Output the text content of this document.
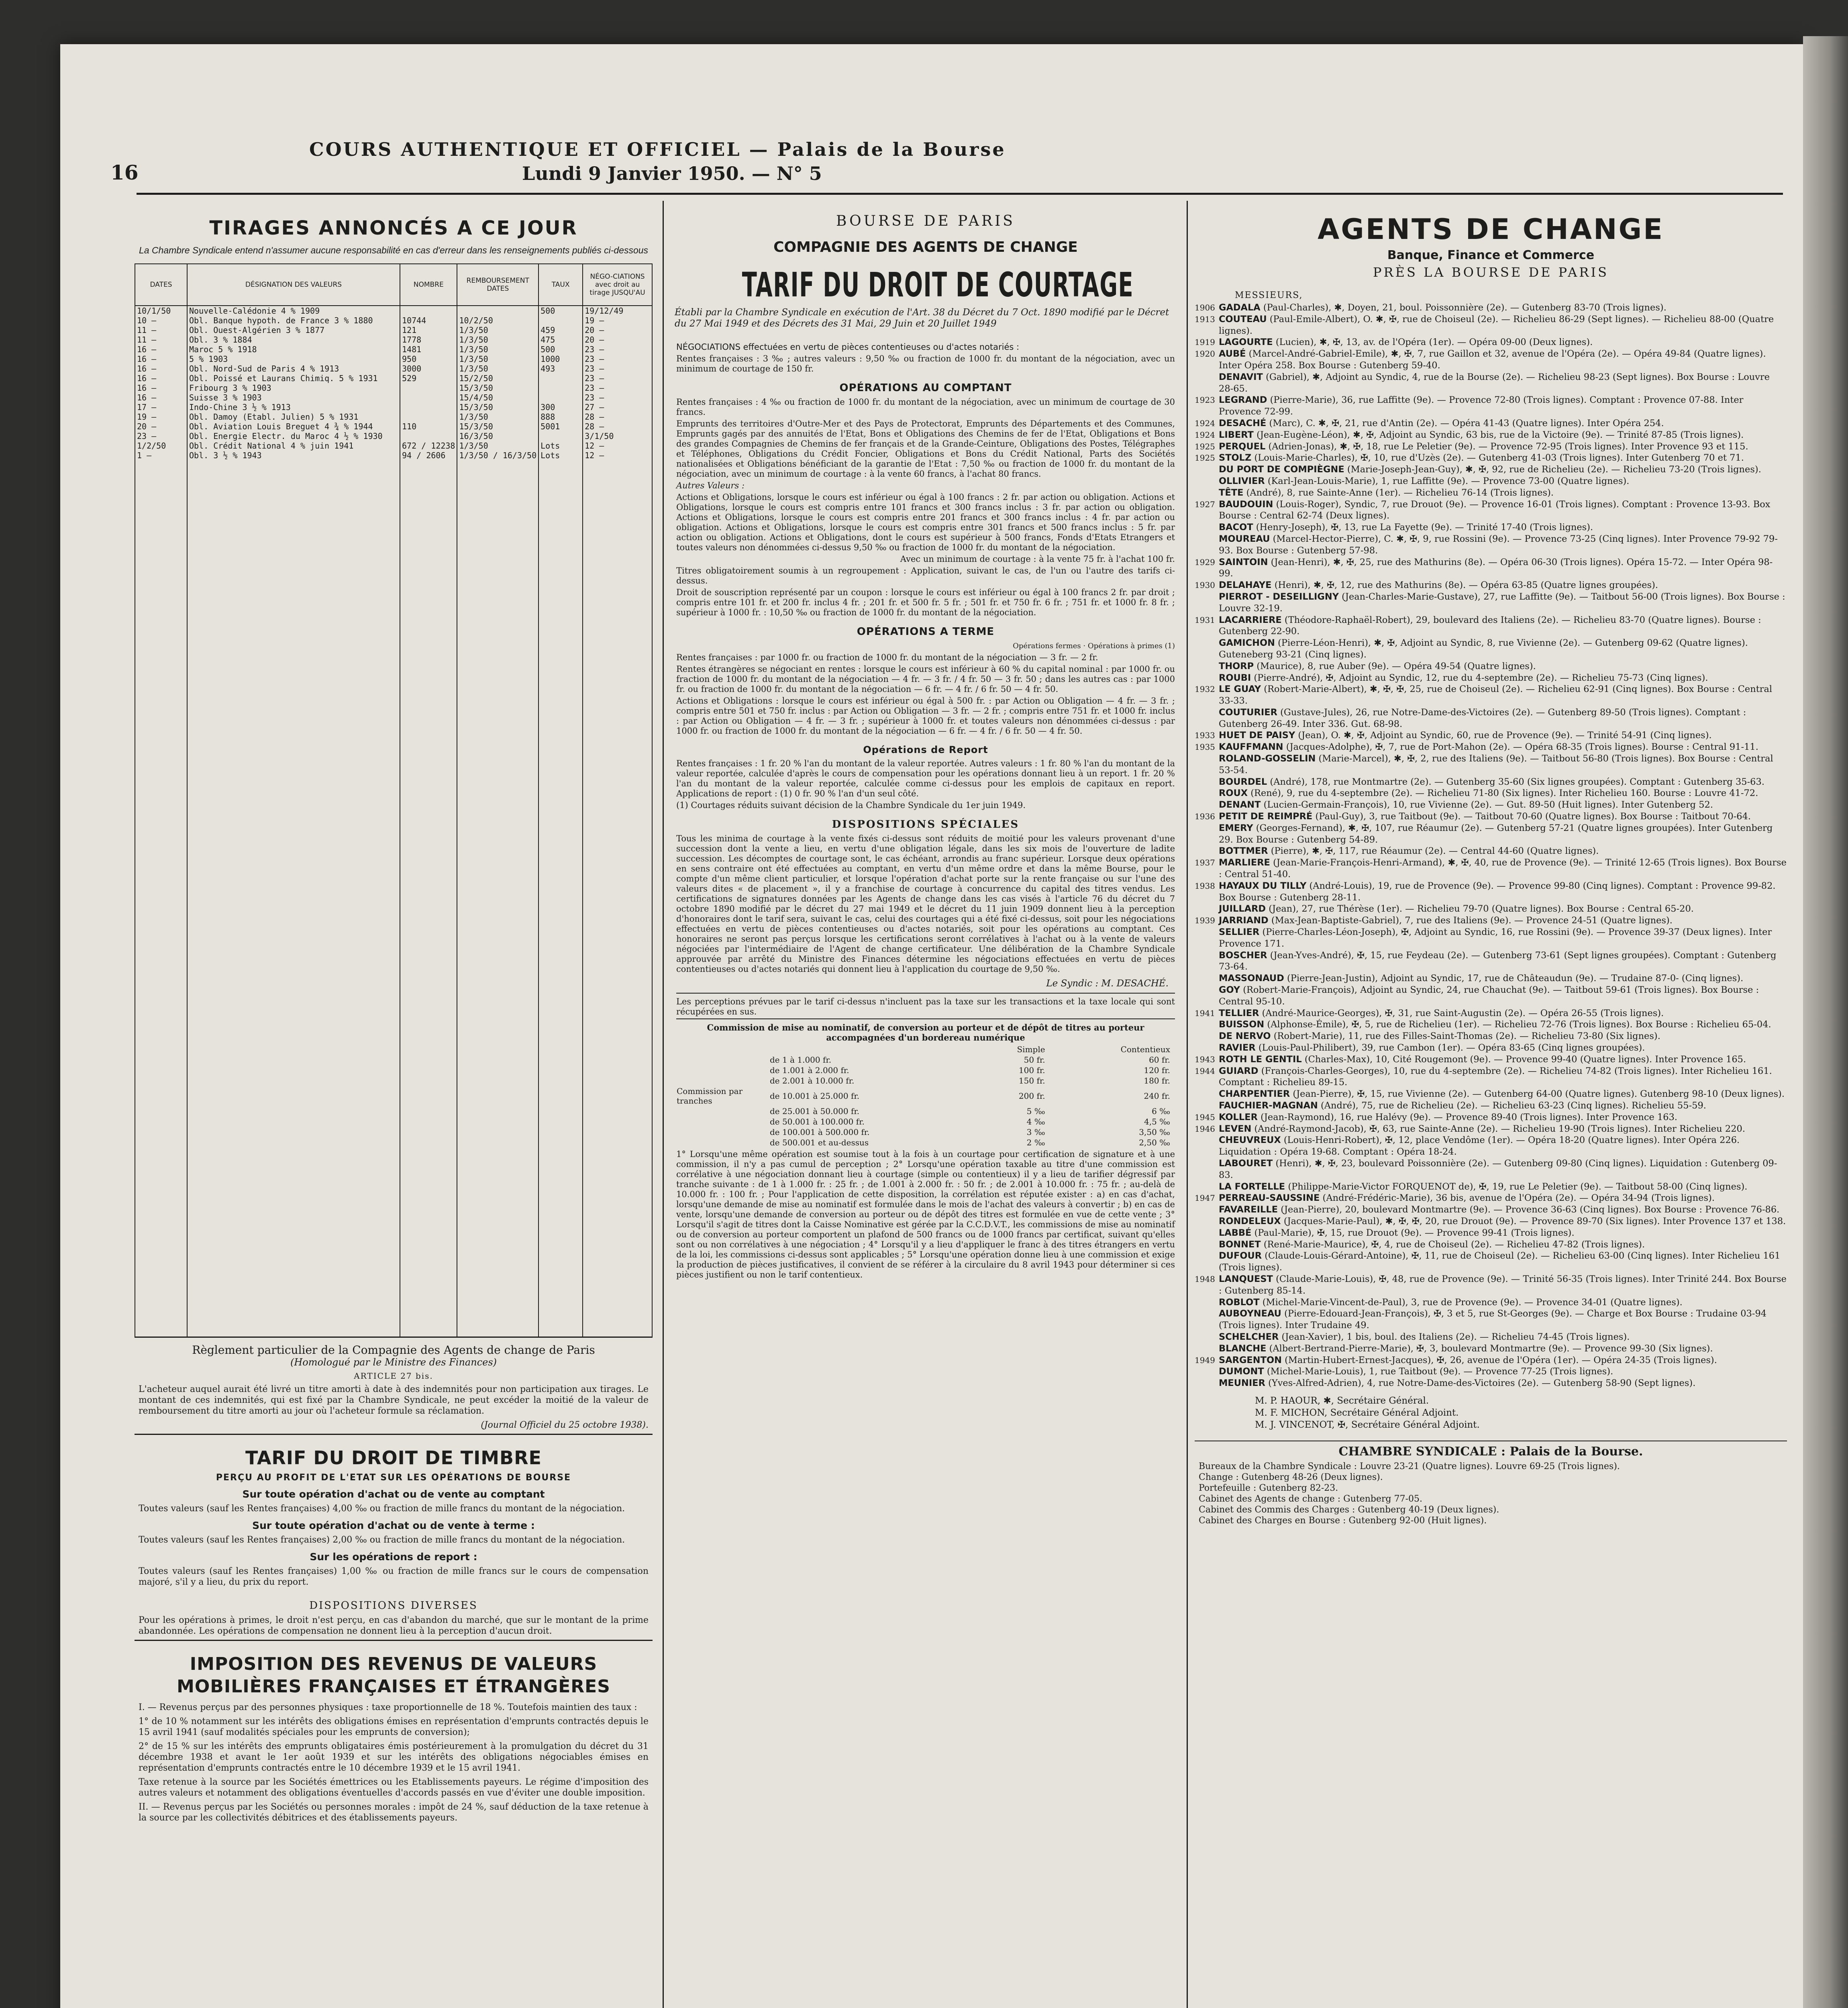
16
COURS AUTHENTIQUE ET OFFICIEL — Palais de la Bourse
Lundi 9 Janvier 1950. — N° 5
TIRAGES ANNONCÉS A CE JOUR
La Chambre Syndicale entend n'assumer aucune responsabilité en cas d'erreur dans les renseignements publiés ci-dessous
DATES	DÉSIGNATION DES VALEURS	NOMBRE	REMBOURSEMENT DATES	TAUX	NÉGO-CIATIONS avec droit au tirage JUSQU'AU
10/1/50	Nouvelle-Calédonie 4 % 1909			500	19/12/49
10 —	Obl. Banque hypoth. de France 3 % 1880	10744	10/2/50		19 —
11 —	Obl. Ouest-Algérien 3 % 1877	121	1/3/50	459	20 —
11 —	Obl. 3 % 1884	1778	1/3/50	475	20 —
16 —	Maroc 5 % 1918	1481	1/3/50	500	23 —
16 —	5 % 1903	950	1/3/50	1000	23 —
16 —	Obl. Nord-Sud de Paris 4 % 1913	3000	1/3/50	493	23 —
16 —	Obl. Poissé et Laurans Chimiq. 5 % 1931	529	15/2/50		23 —
16 —	Fribourg 3 % 1903		15/3/50		23 —
16 —	Suisse 3 % 1903		15/4/50		23 —
17 —	Indo-Chine 3 ½ % 1913		15/3/50	300	27 —
19 —	Obl. Damoy (Etabl. Julien) 5 % 1931		1/3/50	888	28 —
20 —	Obl. Aviation Louis Breguet 4 ¾ % 1944	110	15/3/50	5001	28 —
23 —	Obl. Energie Electr. du Maroc 4 ½ % 1930		16/3/50		3/1/50
1/2/50	Obl. Crédit National 4 % juin 1941	672 / 12238	1/3/50	Lots	12 —
1 —	Obl. 3 ½ % 1943	94 / 2606	1/3/50 / 16/3/50	Lots	12 —

Règlement particulier de la Compagnie des Agents de change de Paris
(Homologué par le Ministre des Finances)
ARTICLE 27 bis.
L'acheteur auquel aurait été livré un titre amorti à date à des indemnités pour non participation aux tirages. Le montant de ces indemnités, qui est fixé par la Chambre Syndicale, ne peut excéder la moitié de la valeur de remboursement du titre amorti au jour où l'acheteur formule sa réclamation.
(Journal Officiel du 25 octobre 1938).
TARIF DU DROIT DE TIMBRE
PERÇU AU PROFIT DE L'ETAT SUR LES OPÉRATIONS DE BOURSE
Sur toute opération d'achat ou de vente au comptant
Toutes valeurs (sauf les Rentes françaises) 4,00 ‰ ou fraction de mille francs du montant de la négociation.
Sur toute opération d'achat ou de vente à terme :
Toutes valeurs (sauf les Rentes françaises) 2,00 ‰ ou fraction de mille francs du montant de la négociation.
Sur les opérations de report :
Toutes valeurs (sauf les Rentes françaises) 1,00 ‰ ou fraction de mille francs sur le cours de compensation majoré, s'il y a lieu, du prix du report.
DISPOSITIONS DIVERSES
Pour les opérations à primes, le droit n'est perçu, en cas d'abandon du marché, que sur le montant de la prime abandonnée. Les opérations de compensation ne donnent lieu à la perception d'aucun droit.
IMPOSITION DES REVENUS DE VALEURS MOBILIÈRES FRANÇAISES ET ÉTRANGÈRES
I. — Revenus perçus par des personnes physiques : taxe proportionnelle de 18 %. Toutefois maintien des taux :
1° de 10 % notamment sur les intérêts des obligations émises en représentation d'emprunts contractés depuis le 15 avril 1941 (sauf modalités spéciales pour les emprunts de conversion);
2° de 15 % sur les intérêts des emprunts obligataires émis postérieurement à la promulgation du décret du 31 décembre 1938 et avant le 1er août 1939 et sur les intérêts des obligations négociables émises en représentation d'emprunts contractés entre le 10 décembre 1939 et le 15 avril 1941.
Taxe retenue à la source par les Sociétés émettrices ou les Etablissements payeurs. Le régime d'imposition des autres valeurs et notamment des obligations éventuelles d'accords passés en vue d'éviter une double imposition.
II. — Revenus perçus par les Sociétés ou personnes morales : impôt de 24 %, sauf déduction de la taxe retenue à la source par les collectivités débitrices et des établissements payeurs.
BOURSE DE PARIS
COMPAGNIE DES AGENTS DE CHANGE
TARIF DU DROIT DE COURTAGE
Établi par la Chambre Syndicale en exécution de l'Art. 38 du Décret du 7 Oct. 1890 modifié par le Décret du 27 Mai 1949 et des Décrets des 31 Mai, 29 Juin et 20 Juillet 1949
NÉGOCIATIONS effectuées en vertu de pièces contentieuses ou d'actes notariés :
Rentes françaises : 3 ‰ ; autres valeurs : 9,50 ‰ ou fraction de 1000 fr. du montant de la négociation, avec un minimum de courtage de 150 fr.
OPÉRATIONS AU COMPTANT
Rentes françaises : 4 ‰ ou fraction de 1000 fr. du montant de la négociation, avec un minimum de courtage de 30 francs.
Emprunts des territoires d'Outre-Mer et des Pays de Protectorat, Emprunts des Départements et des Communes, Emprunts gagés par des annuités de l'Etat, Bons et Obligations des Chemins de fer de l'Etat, Obligations et Bons des grandes Compagnies de Chemins de fer français et de la Grande-Ceinture, Obligations des Postes, Télégraphes et Téléphones, Obligations du Crédit Foncier, Obligations et Bons du Crédit National, Parts des Sociétés nationalisées et Obligations bénéficiant de la garantie de l'Etat : 7,50 ‰ ou fraction de 1000 fr. du montant de la négociation, avec un minimum de courtage : à la vente 60 francs, à l'achat 80 francs.
Autres Valeurs :
Actions et Obligations, lorsque le cours est inférieur ou égal à 100 francs : 2 fr. par action ou obligation. Actions et Obligations, lorsque le cours est compris entre 101 francs et 300 francs inclus : 3 fr. par action ou obligation. Actions et Obligations, lorsque le cours est compris entre 201 francs et 300 francs inclus : 4 fr. par action ou obligation. Actions et Obligations, lorsque le cours est compris entre 301 francs et 500 francs inclus : 5 fr. par action ou obligation. Actions et Obligations, dont le cours est supérieur à 500 francs, Fonds d'Etats Etrangers et toutes valeurs non dénommées ci-dessus 9,50 ‰ ou fraction de 1000 fr. du montant de la négociation.
Avec un minimum de courtage : à la vente 75 fr. à l'achat 100 fr.
Titres obligatoirement soumis à un regroupement : Application, suivant le cas, de l'un ou l'autre des tarifs ci-dessus.
Droit de souscription représenté par un coupon : lorsque le cours est inférieur ou égal à 100 francs 2 fr. par droit ; compris entre 101 fr. et 200 fr. inclus 4 fr. ; 201 fr. et 500 fr. 5 fr. ; 501 fr. et 750 fr. 6 fr. ; 751 fr. et 1000 fr. 8 fr. ; supérieur à 1000 fr. : 10,50 ‰ ou fraction de 1000 fr. du montant de la négociation.
OPÉRATIONS A TERME
Opérations fermes · Opérations à primes (1)
Rentes françaises : par 1000 fr. ou fraction de 1000 fr. du montant de la négociation — 3 fr. — 2 fr.
Rentes étrangères se négociant en rentes : lorsque le cours est inférieur à 60 % du capital nominal : par 1000 fr. ou fraction de 1000 fr. du montant de la négociation — 4 fr. — 3 fr. / 4 fr. 50 — 3 fr. 50 ; dans les autres cas : par 1000 fr. ou fraction de 1000 fr. du montant de la négociation — 6 fr. — 4 fr. / 6 fr. 50 — 4 fr. 50.
Actions et Obligations : lorsque le cours est inférieur ou égal à 500 fr. : par Action ou Obligation — 4 fr. — 3 fr. ; compris entre 501 et 750 fr. inclus : par Action ou Obligation — 3 fr. — 2 fr. ; compris entre 751 fr. et 1000 fr. inclus : par Action ou Obligation — 4 fr. — 3 fr. ; supérieur à 1000 fr. et toutes valeurs non dénommées ci-dessus : par 1000 fr. ou fraction de 1000 fr. du montant de la négociation — 6 fr. — 4 fr. / 6 fr. 50 — 4 fr. 50.
Opérations de Report
Rentes françaises : 1 fr. 20 % l'an du montant de la valeur reportée. Autres valeurs : 1 fr. 80 % l'an du montant de la valeur reportée, calculée d'après le cours de compensation pour les opérations donnant lieu à un report. 1 fr. 20 % l'an du montant de la valeur reportée, calculée comme ci-dessus pour les emplois de capitaux en report. Applications de report : (1) 0 fr. 90 % l'an d'un seul côté.
(1) Courtages réduits suivant décision de la Chambre Syndicale du 1er juin 1949.
DISPOSITIONS SPÉCIALES
Tous les minima de courtage à la vente fixés ci-dessus sont réduits de moitié pour les valeurs provenant d'une succession dont la vente a lieu, en vertu d'une obligation légale, dans les six mois de l'ouverture de ladite succession. Les décomptes de courtage sont, le cas échéant, arrondis au franc supérieur. Lorsque deux opérations en sens contraire ont été effectuées au comptant, en vertu d'un même ordre et dans la même Bourse, pour le compte d'un même client particulier, et lorsque l'opération d'achat porte sur la rente française ou sur l'une des valeurs dites « de placement », il y a franchise de courtage à concurrence du capital des titres vendus. Les certifications de signatures données par les Agents de change dans les cas visés à l'article 76 du décret du 7 octobre 1890 modifié par le décret du 27 mai 1949 et le décret du 11 juin 1909 donnent lieu à la perception d'honoraires dont le tarif sera, suivant le cas, celui des courtages qui a été fixé ci-dessus, soit pour les négociations effectuées en vertu de pièces contentieuses ou d'actes notariés, soit pour les opérations au comptant. Ces honoraires ne seront pas perçus lorsque les certifications seront corrélatives à l'achat ou à la vente de valeurs négociées par l'intermédiaire de l'Agent de change certificateur. Une délibération de la Chambre Syndicale approuvée par arrêté du Ministre des Finances détermine les négociations effectuées en vertu de pièces contentieuses ou d'actes notariés qui donnent lieu à l'application du courtage de 9,50 ‰.
Le Syndic : M. DESACHÉ.
Les perceptions prévues par le tarif ci-dessus n'incluent pas la taxe sur les transactions et la taxe locale qui sont récupérées en sus.
Commission de mise au nominatif, de conversion au porteur et de dépôt de titres au porteur accompagnées d'un bordereau numérique
		Simple	Contentieux
	de 1 à 1.000 fr.	50 fr.	60 fr.
	de 1.001 à 2.000 fr.	100 fr.	120 fr.
	de 2.001 à 10.000 fr.	150 fr.	180 fr.
Commission par tranches	de 10.001 à 25.000 fr.	200 fr.	240 fr.
	de 25.001 à 50.000 fr.	5 ‰	6 ‰
	de 50.001 à 100.000 fr.	4 ‰	4,5 ‰
	de 100.001 à 500.000 fr.	3 ‰	3,50 ‰
	de 500.001 et au-dessus	2 ‰	2,50 ‰
1° Lorsqu'une même opération est soumise tout à la fois à un courtage pour certification de signature et à une commission, il n'y a pas cumul de perception ; 2° Lorsqu'une opération taxable au titre d'une commission est corrélative à une négociation donnant lieu à courtage (simple ou contentieux) il y a lieu de tarifier dégressif par tranche suivante : de 1 à 1.000 fr. : 25 fr. ; de 1.001 à 2.000 fr. : 50 fr. ; de 2.001 à 10.000 fr. : 75 fr. ; au-delà de 10.000 fr. : 100 fr. ; Pour l'application de cette disposition, la corrélation est réputée exister : a) en cas d'achat, lorsqu'une demande de mise au nominatif est formulée dans le mois de l'achat des valeurs à convertir ; b) en cas de vente, lorsqu'une demande de conversion au porteur ou de dépôt des titres est formulée en vue de cette vente ; 3° Lorsqu'il s'agit de titres dont la Caisse Nominative est gérée par la C.C.D.V.T., les commissions de mise au nominatif ou de conversion au porteur comportent un plafond de 500 francs ou de 1000 francs par certificat, suivant qu'elles sont ou non corrélatives à une négociation ; 4° Lorsqu'il y a lieu d'appliquer le franc à des titres étrangers en vertu de la loi, les commissions ci-dessus sont applicables ; 5° Lorsqu'une opération donne lieu à une commission et exige la production de pièces justificatives, il convient de se référer à la circulaire du 8 avril 1943 pour déterminer si ces pièces justifient ou non le tarif contentieux.
AGENTS DE CHANGE
Banque, Finance et Commerce
PRÈS LA BOURSE DE PARIS
MESSIEURS,
1906 GADALA (Paul-Charles), ✱, Doyen, 21, boul. Poissonnière (2e). — Gutenberg 83-70 (Trois lignes).
1913 COUTEAU (Paul-Emile-Albert), O. ✱, ✠, rue de Choiseul (2e). — Richelieu 86-29 (Sept lignes). — Richelieu 88-00 (Quatre lignes).
1919 LAGOURTE (Lucien), ✱, ✠, 13, av. de l'Opéra (1er). — Opéra 09-00 (Deux lignes).
1920 AUBÉ (Marcel-André-Gabriel-Emile), ✱, ✠, 7, rue Gaillon et 32, avenue de l'Opéra (2e). — Opéra 49-84 (Quatre lignes). Inter Opéra 258. Box Bourse : Gutenberg 59-40.
DENAVIT (Gabriel), ✱, Adjoint au Syndic, 4, rue de la Bourse (2e). — Richelieu 98-23 (Sept lignes). Box Bourse : Louvre 28-65.
1923 LEGRAND (Pierre-Marie), 36, rue Laffitte (9e). — Provence 72-80 (Trois lignes). Comptant : Provence 07-88. Inter Provence 72-99.
1924 DESACHÉ (Marc), C. ✱, ✠, 21, rue d'Antin (2e). — Opéra 41-43 (Quatre lignes). Inter Opéra 254.
1924 LIBERT (Jean-Eugène-Léon), ✱, ✠, Adjoint au Syndic, 63 bis, rue de la Victoire (9e). — Trinité 87-85 (Trois lignes).
1925 PERQUEL (Adrien-Jonas), ✱, ✠, 18, rue Le Peletier (9e). — Provence 72-95 (Trois lignes). Inter Provence 93 et 115.
1925 STOLZ (Louis-Marie-Charles), ✠, 10, rue d'Uzès (2e). — Gutenberg 41-03 (Trois lignes). Inter Gutenberg 70 et 71.
DU PORT DE COMPIÈGNE (Marie-Joseph-Jean-Guy), ✱, ✠, 92, rue de Richelieu (2e). — Richelieu 73-20 (Trois lignes).
OLLIVIER (Karl-Jean-Louis-Marie), 1, rue Laffitte (9e). — Provence 73-00 (Quatre lignes).
TÊTE (André), 8, rue Sainte-Anne (1er). — Richelieu 76-14 (Trois lignes).
1927 BAUDOUIN (Louis-Roger), Syndic, 7, rue Drouot (9e). — Provence 16-01 (Trois lignes). Comptant : Provence 13-93. Box Bourse : Central 62-74 (Deux lignes).
BACOT (Henry-Joseph), ✠, 13, rue La Fayette (9e). — Trinité 17-40 (Trois lignes).
MOUREAU (Marcel-Hector-Pierre), C. ✱, ✠, 9, rue Rossini (9e). — Provence 73-25 (Cinq lignes). Inter Provence 79-92 79-93. Box Bourse : Gutenberg 57-98.
1929 SAINTOIN (Jean-Henri), ✱, ✠, 25, rue des Mathurins (8e). — Opéra 06-30 (Trois lignes). Opéra 15-72. — Inter Opéra 98-99.
1930 DELAHAYE (Henri), ✱, ✠, 12, rue des Mathurins (8e). — Opéra 63-85 (Quatre lignes groupées).
PIERROT - DESEILLIGNY (Jean-Charles-Marie-Gustave), 27, rue Laffitte (9e). — Taitbout 56-00 (Trois lignes). Box Bourse : Louvre 32-19.
1931 LACARRIERE (Théodore-Raphaël-Robert), 29, boulevard des Italiens (2e). — Richelieu 83-70 (Quatre lignes). Bourse : Gutenberg 22-90.
GAMICHON (Pierre-Léon-Henri), ✱, ✠, Adjoint au Syndic, 8, rue Vivienne (2e). — Gutenberg 09-62 (Quatre lignes). Guteneberg 93-21 (Cinq lignes).
THORP (Maurice), 8, rue Auber (9e). — Opéra 49-54 (Quatre lignes).
ROUBI (Pierre-André), ✠, Adjoint au Syndic, 12, rue du 4-septembre (2e). — Richelieu 75-73 (Cinq lignes).
1932 LE GUAY (Robert-Marie-Albert), ✱, ✠, ✠, 25, rue de Choiseul (2e). — Richelieu 62-91 (Cinq lignes). Box Bourse : Central 33-33.
COUTURIER (Gustave-Jules), 26, rue Notre-Dame-des-Victoires (2e). — Gutenberg 89-50 (Trois lignes). Comptant : Gutenberg 26-49. Inter 336. Gut. 68-98.
1933 HUET DE PAISY (Jean), O. ✱, ✠, Adjoint au Syndic, 60, rue de Provence (9e). — Trinité 54-91 (Cinq lignes).
1935 KAUFFMANN (Jacques-Adolphe), ✠, 7, rue de Port-Mahon (2e). — Opéra 68-35 (Trois lignes). Bourse : Central 91-11.
ROLAND-GOSSELIN (Marie-Marcel), ✱, ✠, 2, rue des Italiens (9e). — Taitbout 56-80 (Trois lignes). Box Bourse : Central 53-54.
BOURDEL (André), 178, rue Montmartre (2e). — Gutenberg 35-60 (Six lignes groupées). Comptant : Gutenberg 35-63.
ROUX (René), 9, rue du 4-septembre (2e). — Richelieu 71-80 (Six lignes). Inter Richelieu 160. Bourse : Louvre 41-72.
DENANT (Lucien-Germain-François), 10, rue Vivienne (2e). — Gut. 89-50 (Huit lignes). Inter Gutenberg 52.
1936 PETIT DE REIMPRÉ (Paul-Guy), 3, rue Taitbout (9e). — Taitbout 70-60 (Quatre lignes). Box Bourse : Taitbout 70-64.
EMERY (Georges-Fernand), ✱, ✠, 107, rue Réaumur (2e). — Gutenberg 57-21 (Quatre lignes groupées). Inter Gutenberg 29. Box Bourse : Gutenberg 54-89.
BOTTMER (Pierre), ✱, ✠, 117, rue Réaumur (2e). — Central 44-60 (Quatre lignes).
1937 MARLIERE (Jean-Marie-François-Henri-Armand), ✱, ✠, 40, rue de Provence (9e). — Trinité 12-65 (Trois lignes). Box Bourse : Central 51-40.
1938 HAYAUX DU TILLY (André-Louis), 19, rue de Provence (9e). — Provence 99-80 (Cinq lignes). Comptant : Provence 99-82. Box Bourse : Gutenberg 28-11.
JUILLARD (Jean), 27, rue Thérèse (1er). — Richelieu 79-70 (Quatre lignes). Box Bourse : Central 65-20.
1939 JARRIAND (Max-Jean-Baptiste-Gabriel), 7, rue des Italiens (9e). — Provence 24-51 (Quatre lignes).
SELLIER (Pierre-Charles-Léon-Joseph), ✠, Adjoint au Syndic, 16, rue Rossini (9e). — Provence 39-37 (Deux lignes). Inter Provence 171.
BOSCHER (Jean-Yves-André), ✠, 15, rue Feydeau (2e). — Gutenberg 73-61 (Sept lignes groupées). Comptant : Gutenberg 73-64.
MASSONAUD (Pierre-Jean-Justin), Adjoint au Syndic, 17, rue de Châteaudun (9e). — Trudaine 87-0- (Cinq lignes).
GOY (Robert-Marie-François), Adjoint au Syndic, 24, rue Chauchat (9e). — Taitbout 59-61 (Trois lignes). Box Bourse : Central 95-10.
1941 TELLIER (André-Maurice-Georges), ✠, 31, rue Saint-Augustin (2e). — Opéra 26-55 (Trois lignes).
BUISSON (Alphonse-Émile), ✠, 5, rue de Richelieu (1er). — Richelieu 72-76 (Trois lignes). Box Bourse : Richelieu 65-04.
DE NERVO (Robert-Marie), 11, rue des Filles-Saint-Thomas (2e). — Richelieu 73-80 (Six lignes).
RAVIER (Louis-Paul-Philibert), 39, rue Cambon (1er). — Opéra 83-65 (Cinq lignes groupées).
1943 ROTH LE GENTIL (Charles-Max), 10, Cité Rougemont (9e). — Provence 99-40 (Quatre lignes). Inter Provence 165.
1944 GUIARD (François-Charles-Georges), 10, rue du 4-septembre (2e). — Richelieu 74-82 (Trois lignes). Inter Richelieu 161. Comptant : Richelieu 89-15.
CHARPENTIER (Jean-Pierre), ✠, 15, rue Vivienne (2e). — Gutenberg 64-00 (Quatre lignes). Gutenberg 98-10 (Deux lignes).
FAUCHIER-MAGNAN (André), 75, rue de Richelieu (2e). — Richelieu 63-23 (Cinq lignes). Richelieu 55-59.
1945 KOLLER (Jean-Raymond), 16, rue Halévy (9e). — Provence 89-40 (Trois lignes). Inter Provence 163.
1946 LEVEN (André-Raymond-Jacob), ✠, 63, rue Sainte-Anne (2e). — Richelieu 19-90 (Trois lignes). Inter Richelieu 220.
CHEUVREUX (Louis-Henri-Robert), ✠, 12, place Vendôme (1er). — Opéra 18-20 (Quatre lignes). Inter Opéra 226. Liquidation : Opéra 19-68. Comptant : Opéra 18-24.
LABOURET (Henri), ✱, ✠, 23, boulevard Poissonnière (2e). — Gutenberg 09-80 (Cinq lignes). Liquidation : Gutenberg 09-83.
LA FORTELLE (Philippe-Marie-Victor FORQUENOT de), ✠, 19, rue Le Peletier (9e). — Taitbout 58-00 (Cinq lignes).
1947 PERREAU-SAUSSINE (André-Frédéric-Marie), 36 bis, avenue de l'Opéra (2e). — Opéra 34-94 (Trois lignes).
FAVAREILLE (Jean-Pierre), 20, boulevard Montmartre (9e). — Provence 36-63 (Cinq lignes). Box Bourse : Provence 76-86.
RONDELEUX (Jacques-Marie-Paul), ✱, ✠, ✠, 20, rue Drouot (9e). — Provence 89-70 (Six lignes). Inter Provence 137 et 138.
LABBÉ (Paul-Marie), ✠, 15, rue Drouot (9e). — Provence 99-41 (Trois lignes).
BONNET (René-Marie-Maurice), ✠, 4, rue de Choiseul (2e). — Richelieu 47-82 (Trois lignes).
DUFOUR (Claude-Louis-Gérard-Antoine), ✠, 11, rue de Choiseul (2e). — Richelieu 63-00 (Cinq lignes). Inter Richelieu 161 (Trois lignes).
1948 LANQUEST (Claude-Marie-Louis), ✠, 48, rue de Provence (9e). — Trinité 56-35 (Trois lignes). Inter Trinité 244. Box Bourse : Gutenberg 85-14.
ROBLOT (Michel-Marie-Vincent-de-Paul), 3, rue de Provence (9e). — Provence 34-01 (Quatre lignes).
AUBOYNEAU (Pierre-Edouard-Jean-François), ✠, 3 et 5, rue St-Georges (9e). — Charge et Box Bourse : Trudaine 03-94 (Trois lignes). Inter Trudaine 49.
SCHELCHER (Jean-Xavier), 1 bis, boul. des Italiens (2e). — Richelieu 74-45 (Trois lignes).
BLANCHE (Albert-Bertrand-Pierre-Marie), ✠, 3, boulevard Montmartre (9e). — Provence 99-30 (Six lignes).
1949 SARGENTON (Martin-Hubert-Ernest-Jacques), ✠, 26, avenue de l'Opéra (1er). — Opéra 24-35 (Trois lignes).
DUMONT (Michel-Marie-Louis), 1, rue Taitbout (9e). — Provence 77-25 (Trois lignes).
MEUNIER (Yves-Alfred-Adrien), 4, rue Notre-Dame-des-Victoires (2e). — Gutenberg 58-90 (Sept lignes).
M. P. HAOUR, ✱, Secrétaire Général.
M. F. MICHON, Secrétaire Général Adjoint.
M. J. VINCENOT, ✠, Secrétaire Général Adjoint.
CHAMBRE SYNDICALE : Palais de la Bourse.
Bureaux de la Chambre Syndicale : Louvre 23-21 (Quatre lignes). Louvre 69-25 (Trois lignes).
Change : Gutenberg 48-26 (Deux lignes).
Portefeuille : Gutenberg 82-23.
Cabinet des Agents de change : Gutenberg 77-05.
Cabinet des Commis des Charges : Gutenberg 40-19 (Deux lignes).
Cabinet des Charges en Bourse : Gutenberg 92-00 (Huit lignes).
